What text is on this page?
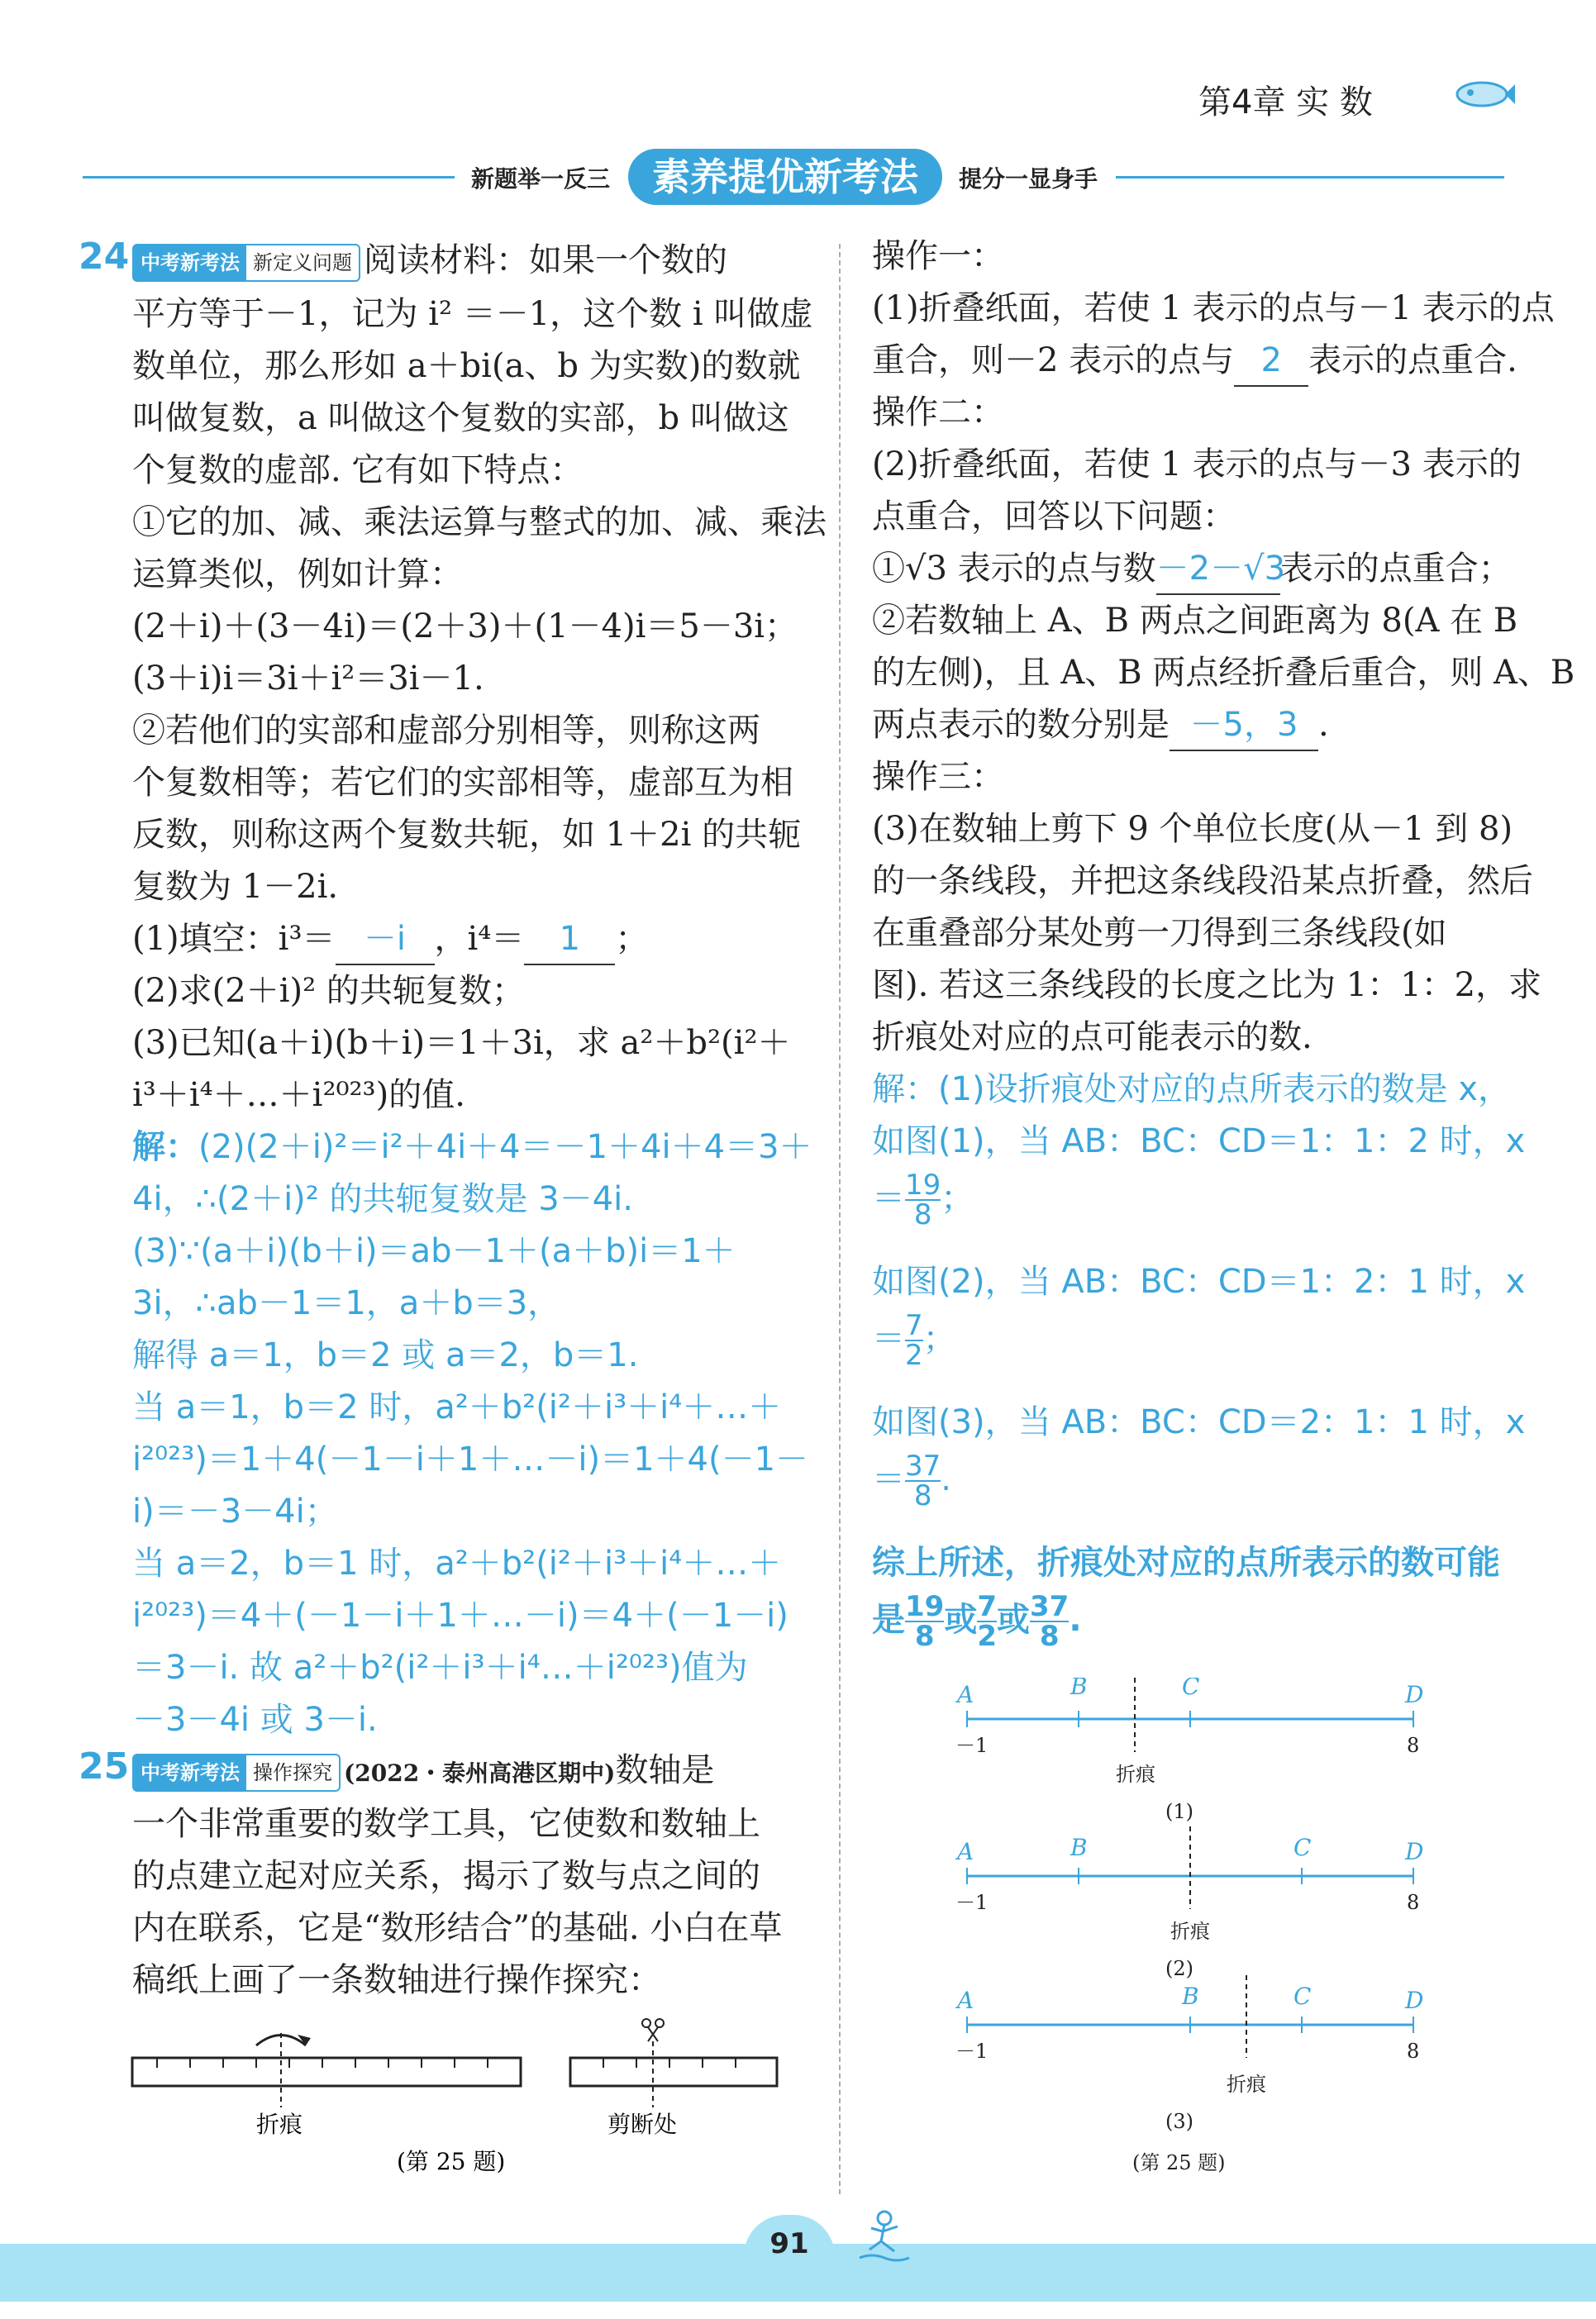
第4章 实 数
新题举一反三	素养提优新考法	提分一显身手
24 中考新考法 新定义问题 阅读材料：如果一个数的
平方等于－1，记为 i² ＝－1，这个数 i 叫做虚
数单位，那么形如 a＋bi(a、b 为实数)的数就
叫做复数，a 叫做这个复数的实部，b 叫做这
个复数的虚部. 它有如下特点：
①它的加、减、乘法运算与整式的加、减、乘法
运算类似，例如计算：
(2＋i)＋(3－4i)＝(2＋3)＋(1－4)i＝5－3i；
(3＋i)i＝3i＋i²＝3i－1.
②若他们的实部和虚部分别相等，则称这两
个复数相等；若它们的实部相等，虚部互为相
反数，则称这两个复数共轭，如 1＋2i 的共轭
复数为 1－2i.
(1)填空：i³＝ －i ，i⁴＝ 1 ；
(2)求(2＋i)² 的共轭复数；
(3)已知(a＋i)(b＋i)＝1＋3i，求 a²＋b²(i²＋
i³＋i⁴＋…＋i²⁰²³)的值.
解：(2)(2＋i)²＝i²＋4i＋4＝－1＋4i＋4＝3＋
4i，∴(2＋i)² 的共轭复数是 3－4i.
(3)∵(a＋i)(b＋i)＝ab－1＋(a＋b)i＝1＋
3i，∴ab－1＝1，a＋b＝3，
解得 a＝1，b＝2 或 a＝2，b＝1.
当 a＝1，b＝2 时，a²＋b²(i²＋i³＋i⁴＋…＋
i²⁰²³)＝1＋4(－1－i＋1＋…－i)＝1＋4(－1－
i)＝－3－4i；
当 a＝2，b＝1 时，a²＋b²(i²＋i³＋i⁴＋…＋
i²⁰²³)＝4＋(－1－i＋1＋…－i)＝4＋(－1－i)
＝3－i. 故 a²＋b²(i²＋i³＋i⁴…＋i²⁰²³)值为
－3－4i 或 3－i.
25 中考新考法 操作探究 (2022・泰州高港区期中)数轴是
一个非常重要的数学工具，它使数和数轴上
的点建立起对应关系，揭示了数与点之间的
内在联系，它是“数形结合”的基础. 小白在草
稿纸上画了一条数轴进行操作探究：
折痕	剪断处
(第 25 题)
操作一：
(1)折叠纸面，若使 1 表示的点与－1 表示的点
重合，则－2 表示的点与 2 表示的点重合.
操作二：
(2)折叠纸面，若使 1 表示的点与－3 表示的
点重合，回答以下问题：
①√3 表示的点与数－2－√3表示的点重合；
②若数轴上 A、B 两点之间距离为 8(A 在 B
的左侧)，且 A、B 两点经折叠后重合，则 A、B
两点表示的数分别是 －5，3 .
操作三：
(3)在数轴上剪下 9 个单位长度(从－1 到 8)
的一条线段，并把这条线段沿某点折叠，然后
在重叠部分某处剪一刀得到三条线段(如
图). 若这三条线段的长度之比为 1：1：2，求
折痕处对应的点可能表示的数.
解：(1)设折痕处对应的点所表示的数是 x，
如图(1)，当 AB：BC：CD＝1：1：2 时，x
＝ $\frac{19}{8}$ ；
如图(2)，当 AB：BC：CD＝1：2：1 时，x
＝ $\frac{7}{2}$ ；
如图(3)，当 AB：BC：CD＝2：1：1 时，x
＝ $\frac{37}{8}$ .
综上所述，折痕处对应的点所表示的数可能
是 $\frac{19}{8}$ 或 $\frac{7}{2}$ 或 $\frac{37}{8}$ .
A	B	C	D
A	B	C	D
A	B	C	D
－1	8
折痕
(1)
－1	8
折痕
(2)
－1	8
折痕
(3)
(第 25 题)
91
